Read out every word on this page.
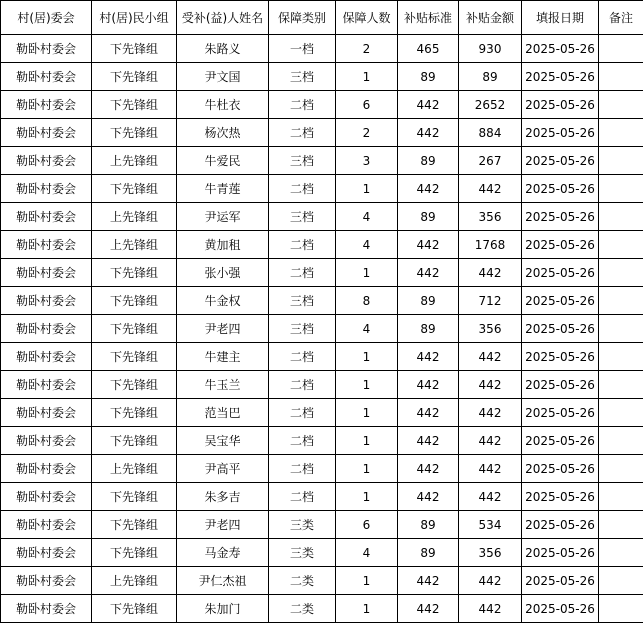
村(居)委会	村(居)民小组	受补(益)人姓名	保障类别	保障人数	补贴标准	补贴金额	填报日期	备注
勒卧村委会	下先锋组	朱路义	一档	2	465	930	2025-05-26	
勒卧村委会	下先锋组	尹文国	三档	1	89	89	2025-05-26	
勒卧村委会	下先锋组	牛杜衣	二档	6	442	2652	2025-05-26	
勒卧村委会	下先锋组	杨次热	二档	2	442	884	2025-05-26	
勒卧村委会	上先锋组	牛爱民	三档	3	89	267	2025-05-26	
勒卧村委会	下先锋组	牛青莲	二档	1	442	442	2025-05-26	
勒卧村委会	上先锋组	尹运军	三档	4	89	356	2025-05-26	
勒卧村委会	上先锋组	黄加租	二档	4	442	1768	2025-05-26	
勒卧村委会	下先锋组	张小强	二档	1	442	442	2025-05-26	
勒卧村委会	下先锋组	牛金权	三档	8	89	712	2025-05-26	
勒卧村委会	下先锋组	尹老四	三档	4	89	356	2025-05-26	
勒卧村委会	下先锋组	牛建主	二档	1	442	442	2025-05-26	
勒卧村委会	下先锋组	牛玉兰	二档	1	442	442	2025-05-26	
勒卧村委会	下先锋组	范当巴	二档	1	442	442	2025-05-26	
勒卧村委会	下先锋组	吴宝华	二档	1	442	442	2025-05-26	
勒卧村委会	上先锋组	尹高平	二档	1	442	442	2025-05-26	
勒卧村委会	下先锋组	朱多吉	二档	1	442	442	2025-05-26	
勒卧村委会	下先锋组	尹老四	三类	6	89	534	2025-05-26	
勒卧村委会	下先锋组	马金寿	三类	4	89	356	2025-05-26	
勒卧村委会	上先锋组	尹仁杰祖	二类	1	442	442	2025-05-26	
勒卧村委会	下先锋组	朱加门	二类	1	442	442	2025-05-26	
